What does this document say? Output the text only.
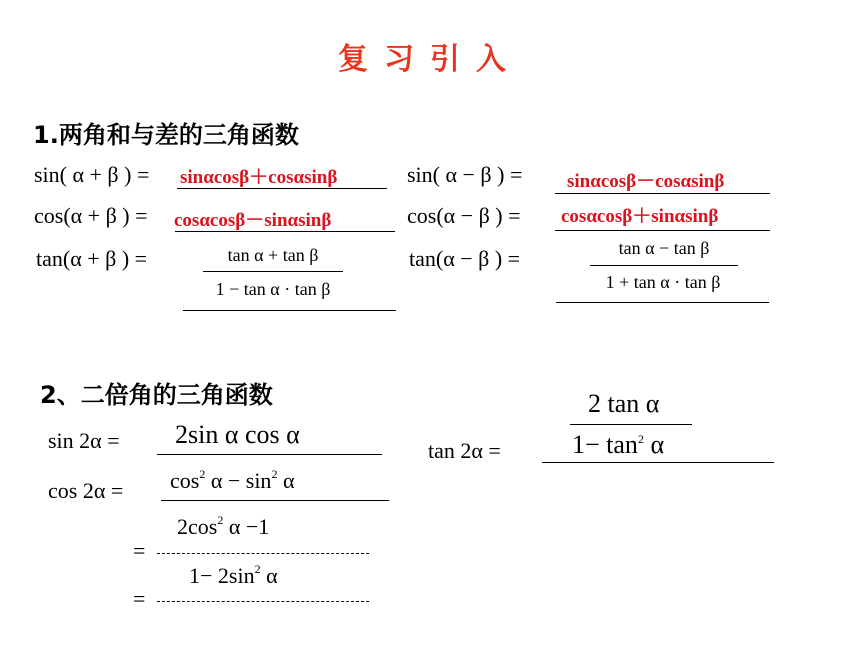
复习引入
1.两角和与差的三角函数
sin( α + β ) = sinαcosβ＋cosαsinβ	sin( α − β ) = sinαcosβ－cosαsinβ
cos(α + β ) = cosαcosβ－sinαsinβ	cos(α − β ) = cosαcosβ＋sinαsinβ
tan(α + β ) =	tan α + tan β
1 − tan α · tan β
tan(α − β ) =	tan α − tan β
1 + tan α · tan β
2、二倍角的三角函数
sin 2α = 2sin α cos α
$\cos 2\alpha = \cos^2 \alpha - \sin^2 \alpha$
$2\cos^2$ α −1
=
$1- 2\sin^2$ α
=
tan 2α =
2 tan α
$1- \tan^2 \alpha$
